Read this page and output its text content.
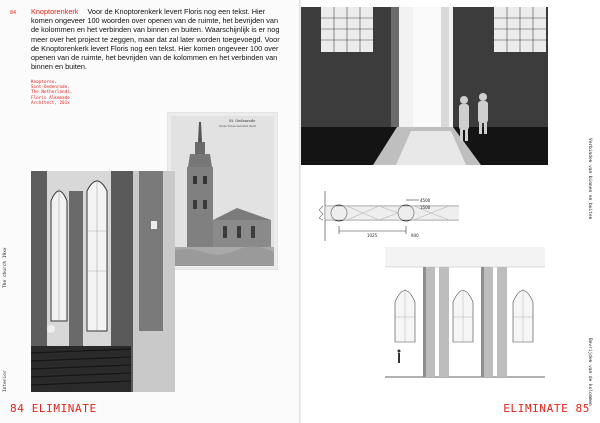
84 Knoptorenkerk Voor de Knoptorenkerk levert Floris nog een tekst. Hier komen ongeveer 100 woorden over openen van de ruimte, het bevrijden van de kolommen en het verbinden van binnen en buiten. Waarschijnlijk is er nog meer over het project te zeggen, maar dat zal later worden toegevoegd. Voor de Knoptorenkerk levert Floris nog een tekst. Hier komen ongeveer 100 over openen van de ruimte, het bevrijden van de kolommen en het verbinden van binnen en buiten.

Knoptoren,
Sint-Oedenrode,
The Netherlands,
Floris Alkemade
Architect, 201x

St. Oedenrode
Oude Toren van Sint Oedl
The church 19xx
Interior
84 ELIMINATE
4500
1500
1025	940
Verbinden van binnen en buiten
Bevrijden van de kolommen
ELIMINATE 85
